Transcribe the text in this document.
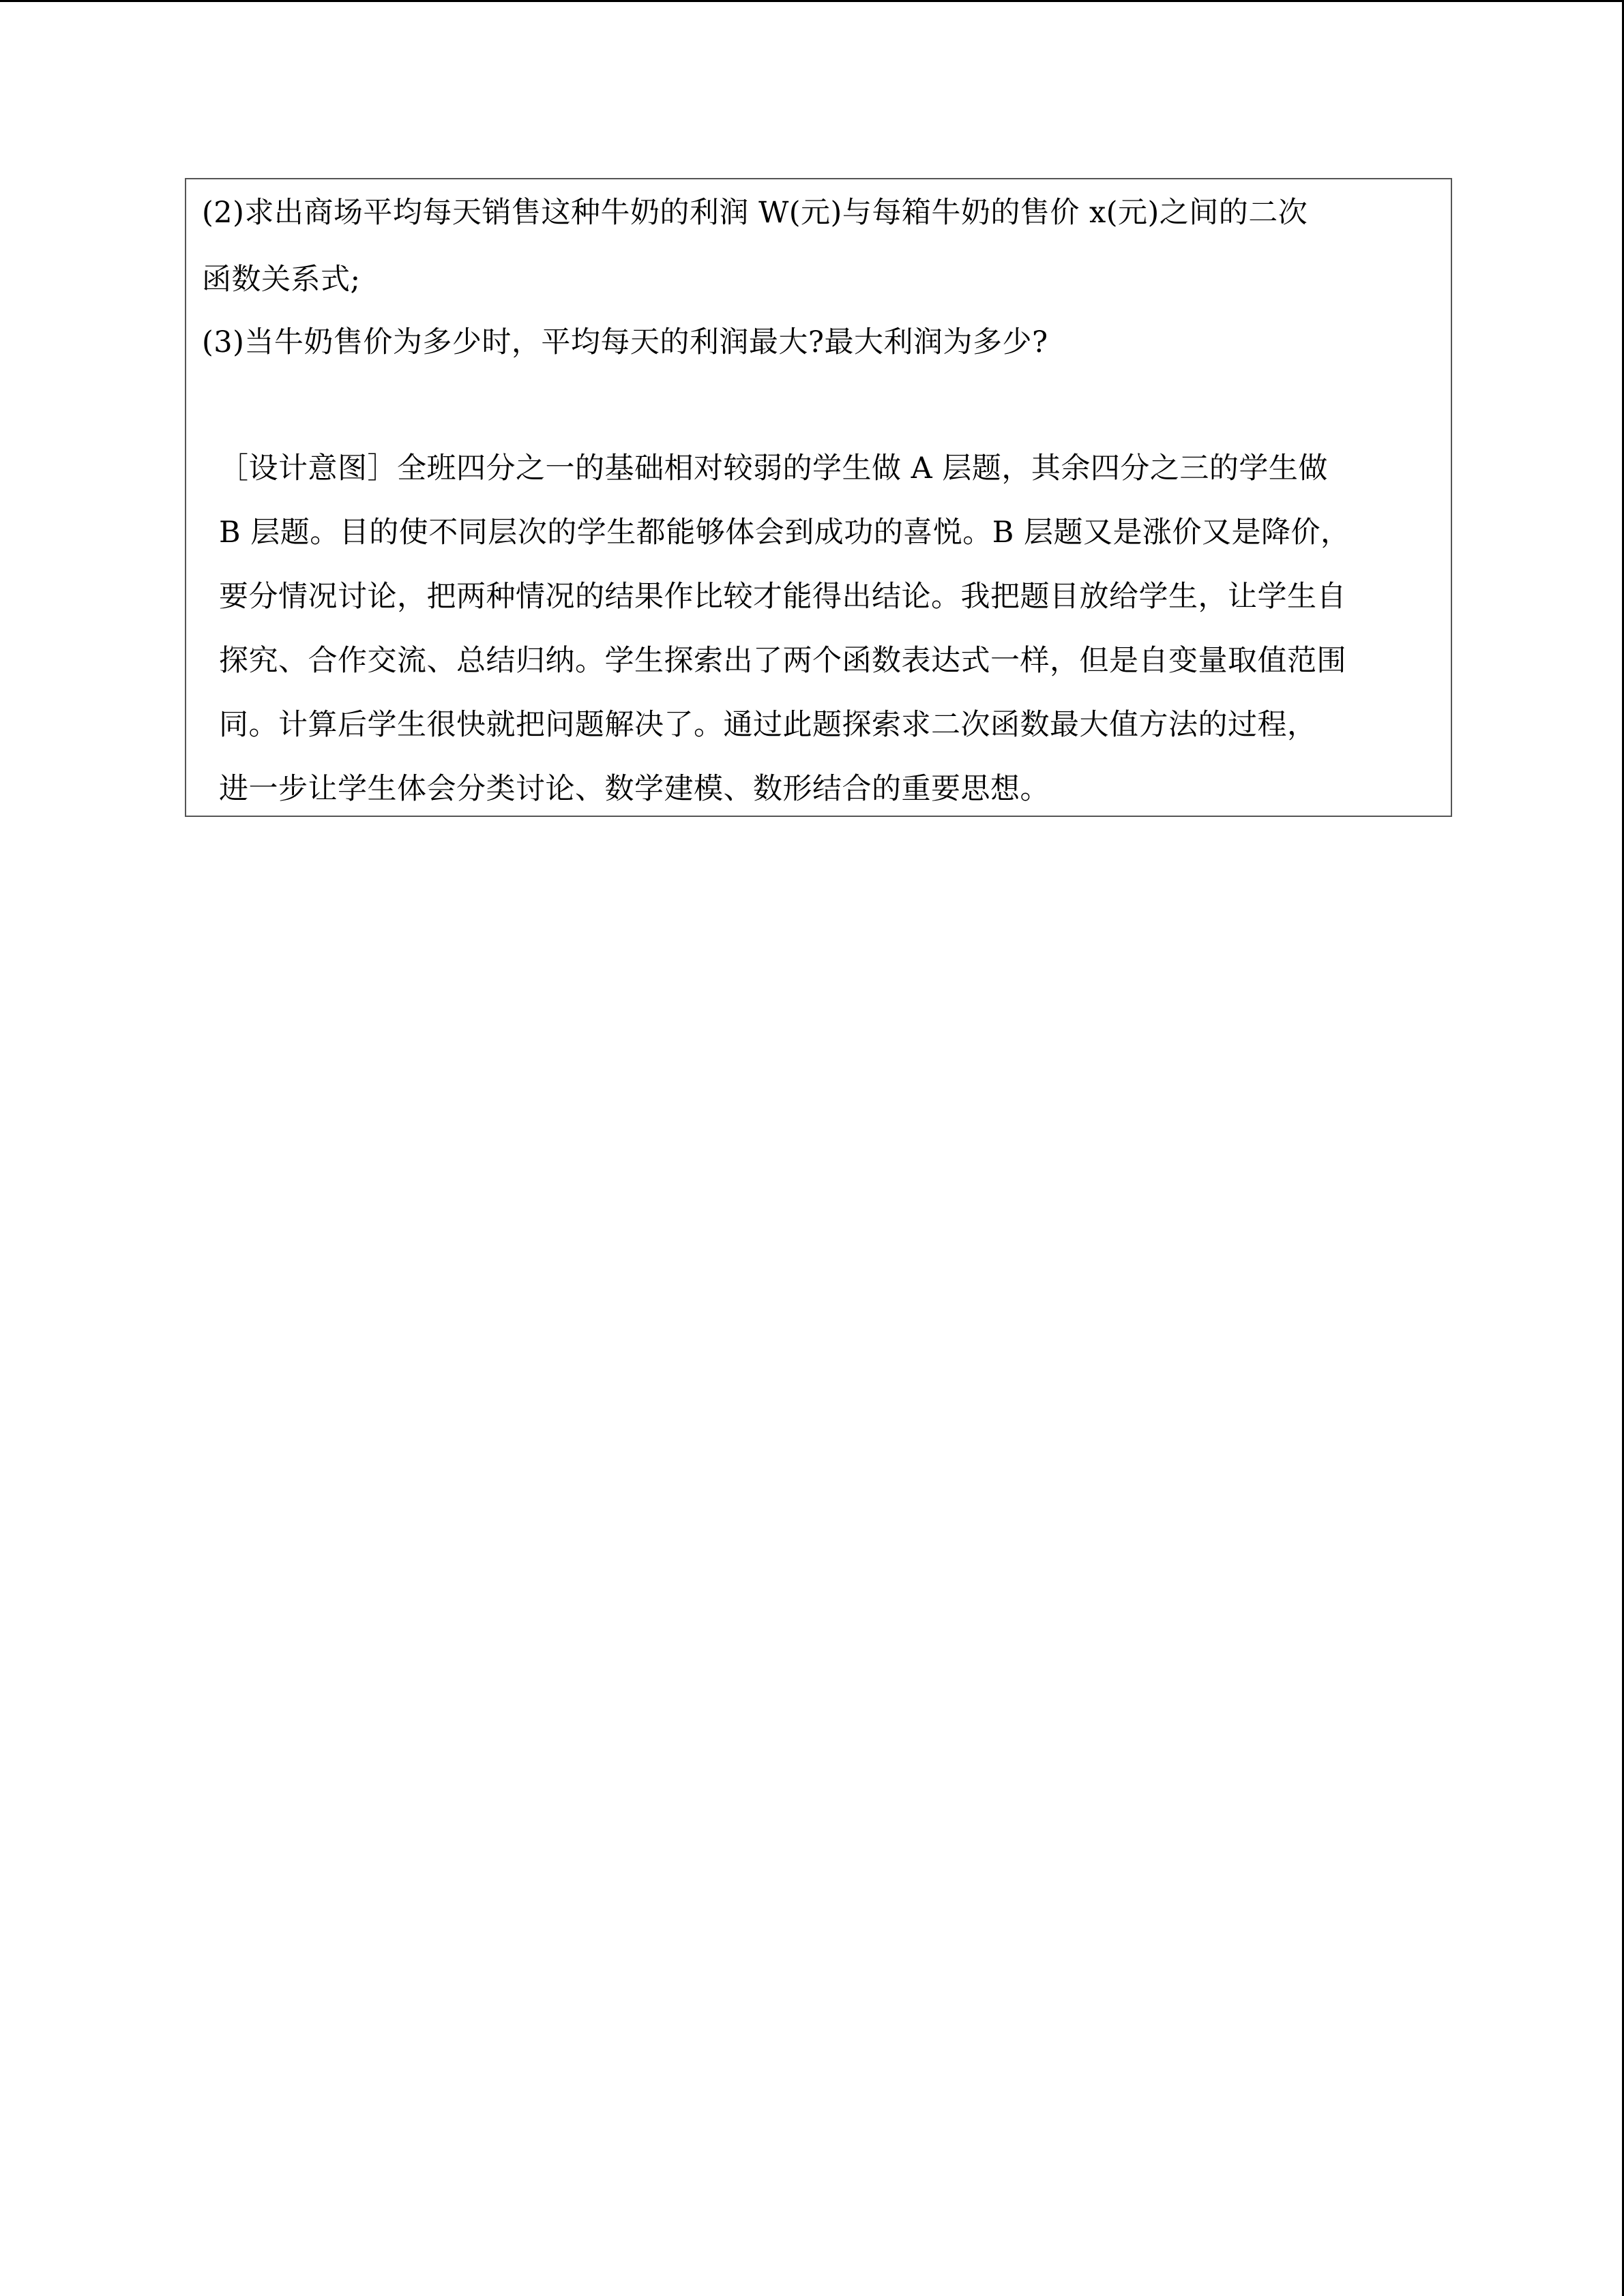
(2)求出商场平均每天销售这种牛奶的利润 W(元)与每箱牛奶的售价 x(元)之间的二次
函数关系式;
(3)当牛奶售价为多少时，平均每天的利润最大?最大利润为多少?
［设计意图］全班四分之一的基础相对较弱的学生做 A 层题，其余四分之三的学生做
B 层题。目的使不同层次的学生都能够体会到成功的喜悦。B 层题又是涨价又是降价，
要分情况讨论，把两种情况的结果作比较才能得出结论。我把题目放给学生，让学生自
探究、合作交流、总结归纳。学生探索出了两个函数表达式一样，但是自变量取值范围
同。计算后学生很快就把问题解决了。通过此题探索求二次函数最大值方法的过程，
进一步让学生体会分类讨论、数学建模、数形结合的重要思想。
